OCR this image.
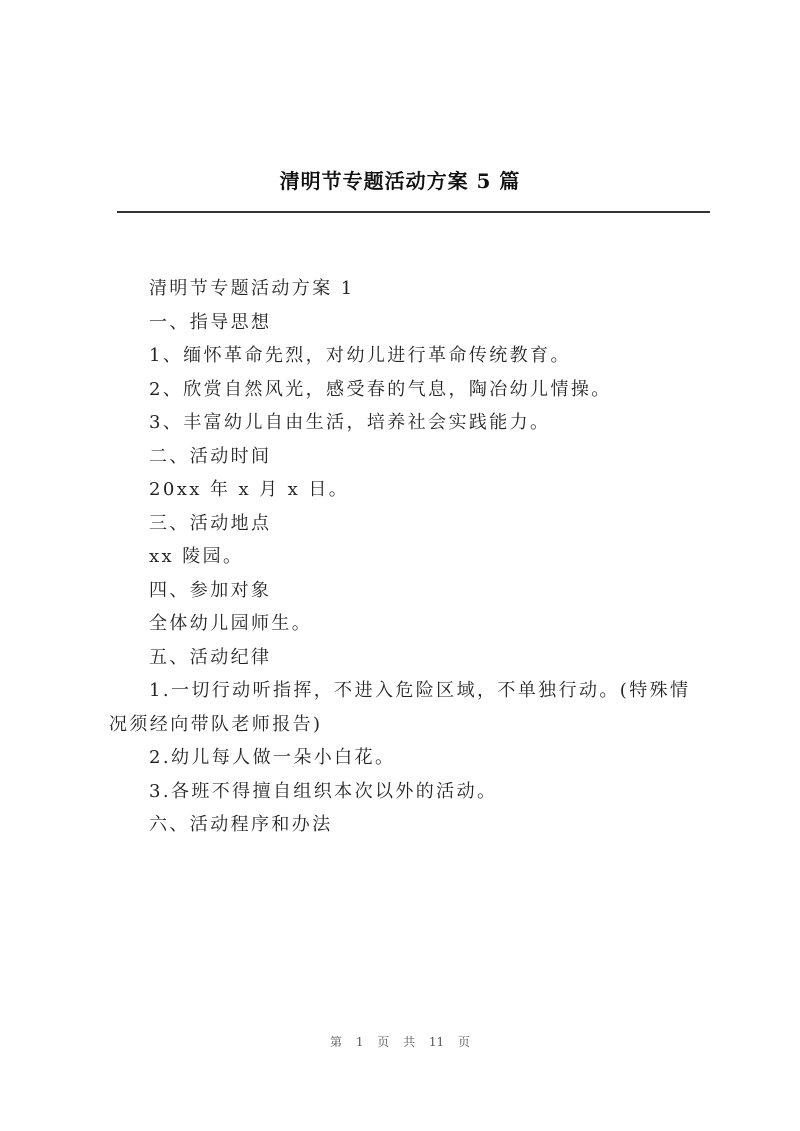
清明节专题活动方案 5 篇
清明节专题活动方案 1
一、指导思想
1、缅怀革命先烈，对幼儿进行革命传统教育。
2、欣赏自然风光，感受春的气息，陶冶幼儿情操。
3、丰富幼儿自由生活，培养社会实践能力。
二、活动时间
20xx 年 x 月 x 日。
三、活动地点
xx 陵园。
四、参加对象
全体幼儿园师生。
五、活动纪律
1.一切行动听指挥，不进入危险区域，不单独行动。(特殊情况须经向带队老师报告)
2.幼儿每人做一朵小白花。
3.各班不得擅自组织本次以外的活动。
六、活动程序和办法
第 1 页 共 11 页
